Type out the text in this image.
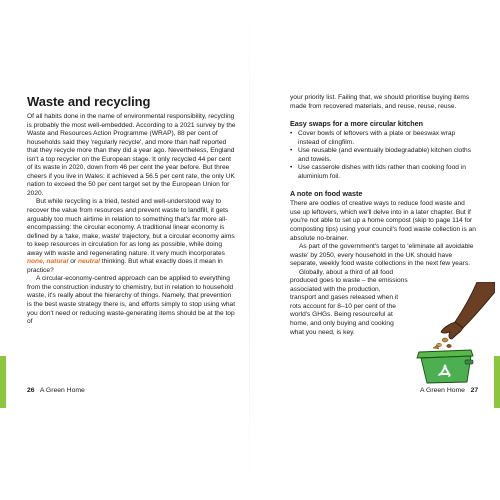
Waste and recycling

Of all habits done in the name of environmental responsibility, recycling is probably the most well-embedded. According to a 2021 survey by the Waste and Resources Action Programme (WRAP), 88 per cent of households said they 'regularly recycle', and more than half reported that they recycle more than they did a year ago. Nevertheless, England isn't a top recycler on the European stage. It only recycled 44 per cent of its waste in 2020, down from 46 per cent the year before. But three cheers if you live in Wales: it achieved a 56.5 per cent rate, the only UK nation to exceed the 50 per cent target set by the European Union for 2020.

But while recycling is a tried, tested and well-understood way to recover the value from resources and prevent waste to landfill, it gets arguably too much airtime in relation to something that's far more all-encompassing: the circular economy. A traditional linear economy is defined by a 'take, make, waste' trajectory, but a circular economy aims to keep resources in circulation for as long as possible, while doing away with waste and regenerating nature. It very much incorporates none, natural or neutral thinking. But what exactly does it mean in practice?

A circular-economy-centred approach can be applied to everything from the construction industry to chemistry, but in relation to household waste, it's really about the hierarchy of things. Namely, that prevention is the best waste strategy there is, and efforts simply to stop using what you don't need or reducing waste-generating items should be at the top of

26 A Green Home

your priority list. Failing that, we should prioritise buying items made from recovered materials, and reuse, reuse, reuse.

Easy swaps for a more circular kitchen
• Cover bowls of leftovers with a plate or beeswax wrap instead of clingfilm.
• Use reusable (and eventually biodegradable) kitchen cloths and towels.
• Use casserole dishes with lids rather than cooking food in aluminium foil.
A note on food waste

There are oodles of creative ways to reduce food waste and use up leftovers, which we'll delve into in a later chapter. But if you're not able to set up a home compost (skip to page 114 for composting tips) using your council's food waste collection is an absolute no-brainer.

As part of the government's target to 'eliminate all avoidable waste' by 2050, every household in the UK should have separate, weekly food waste collections in the next few years.

Globally, about a third of all food produced goes to waste – the emissions associated with the production, transport and gases released when it rots account for 8–10 per cent of the world's GHGs. Being resourceful at home, and only buying and cooking what you need, is key.

A Green Home 27
